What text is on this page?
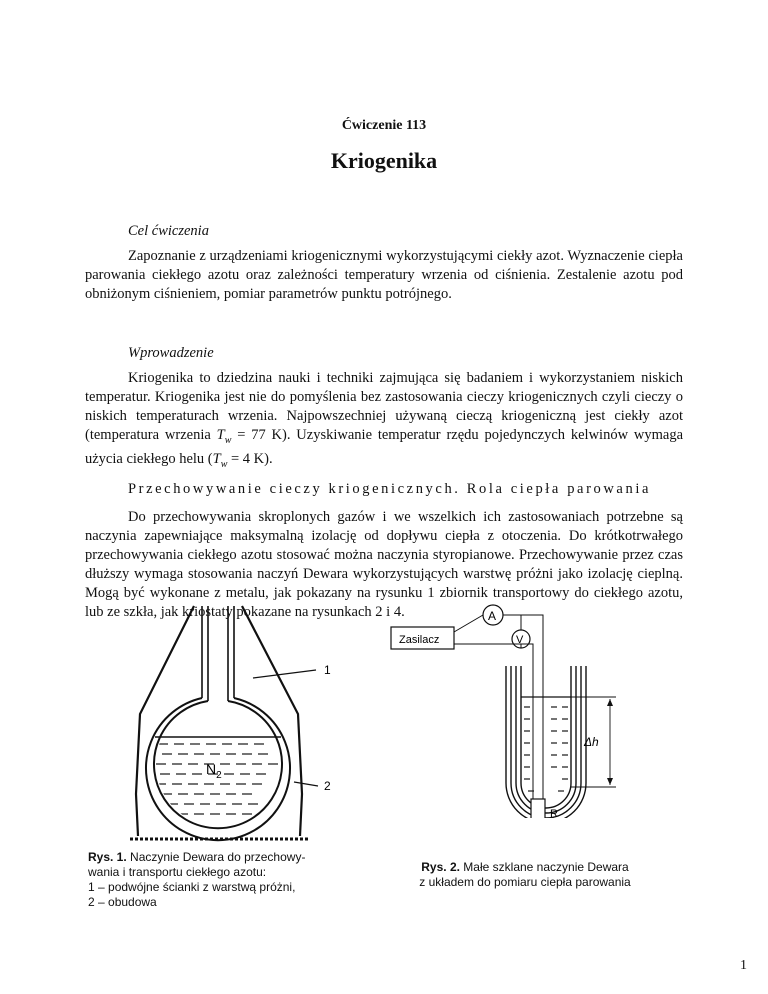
Ćwiczenie 113
Kriogenika
Cel ćwiczenia

Zapoznanie z urządzeniami kriogenicznymi wykorzystującymi ciekły azot. Wyznaczenie ciepła parowania ciekłego azotu oraz zależności temperatury wrzenia od ciśnienia. Zestalenie azotu pod obniżonym ciśnieniem, pomiar parametrów punktu potrójnego.

Wprowadzenie

Kriogenika to dziedzina nauki i techniki zajmująca się badaniem i wykorzystaniem niskich temperatur. Kriogenika jest nie do pomyślenia bez zastosowania cieczy kriogenicznych czyli cieczy o niskich temperaturach wrzenia. Najpowszechniej używaną cieczą kriogeniczną jest ciekły azot (temperatura wrzenia $T_w = 77$ K). Uzyskiwanie temperatur rzędu pojedynczych kelwinów wymaga użycia ciekłego helu ($T_w = 4$ K).

Przechowywanie cieczy kriogenicznych. Rola ciepła parowania

Do przechowywania skroplonych gazów i we wszelkich ich zastosowaniach potrzebne są naczynia zapewniające maksymalną izolację od dopływu ciepła z otoczenia. Do krótkotrwałego przechowywania ciekłego azotu stosować można naczynia styropianowe. Przechowywanie przez czas dłuższy wymaga stosowania naczyń Dewara wykorzystujących warstwę próżni jako izolację cieplną. Mogą być wykonane z metalu, jak pokazany na rysunku 1 zbiornik transportowy do ciekłego azotu, lub ze szkła, jak kriostaty pokazane na rysunkach 2 i 4.

1
2
$N_2$
Rys. 1. Naczynie Dewara do przechowy-
wania i transportu ciekłego azotu:
1 – podwójne ścianki z warstwą próżni,
2 – obudowa
Zasilacz
A
V
R
Δh
Rys. 2. Małe szklane naczynie Dewara
z układem do pomiaru ciepła parowania
1
